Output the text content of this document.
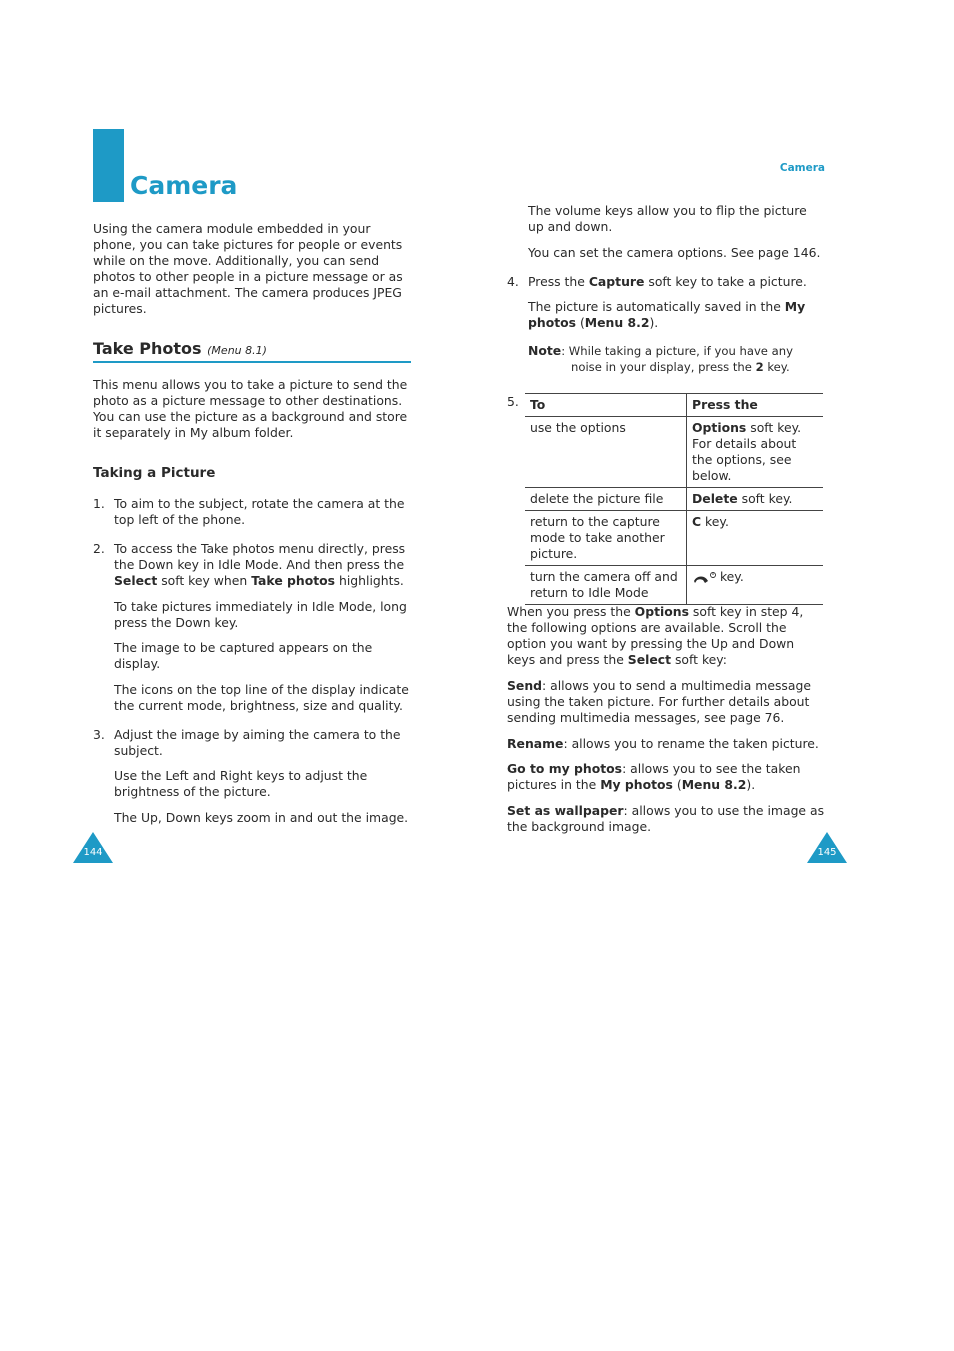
Camera

Using the camera module embedded in your phone, you can take pictures for people or events while on the move. Additionally, you can send photos to other people in a picture message or as an e-mail attachment. The camera produces JPEG pictures.

Take Photos (Menu 8.1)

This menu allows you to take a picture to send the photo as a picture message to other destinations. You can use the picture as a background and store it separately in My album folder.

Taking a Picture
1. To aim to the subject, rotate the camera at the top left of the phone.

2. To access the Take photos menu directly, press the Down key in Idle Mode. And then press the Select soft key when Take photos highlights.

To take pictures immediately in Idle Mode, long press the Down key.

The image to be captured appears on the display.

The icons on the top line of the display indicate the current mode, brightness, size and quality.

3. Adjust the image by aiming the camera to the subject.

Use the Left and Right keys to adjust the brightness of the picture.

The Up, Down keys zoom in and out the image.

144
Camera

The volume keys allow you to flip the picture up and down.

You can set the camera options. See page 146.

4. Press the Capture soft key to take a picture.

The picture is automatically saved in the My photos (Menu 8.2).

Note: While taking a picture, if you have any noise in your display, press the 2 key.

5. To	Press the
use the options	Options soft key. For details about the options, see below.
delete the picture file	Delete soft key.
return to the capture mode to take another picture.	C key.
turn the camera off and return to Idle Mode	key.

When you press the Options soft key in step 4, the following options are available. Scroll the option you want by pressing the Up and Down keys and press the Select soft key:

Send: allows you to send a multimedia message using the taken picture. For further details about sending multimedia messages, see page 76.

Rename: allows you to rename the taken picture.

Go to my photos: allows you to see the taken pictures in the My photos (Menu 8.2).

Set as wallpaper: allows you to use the image as the background image.

145
